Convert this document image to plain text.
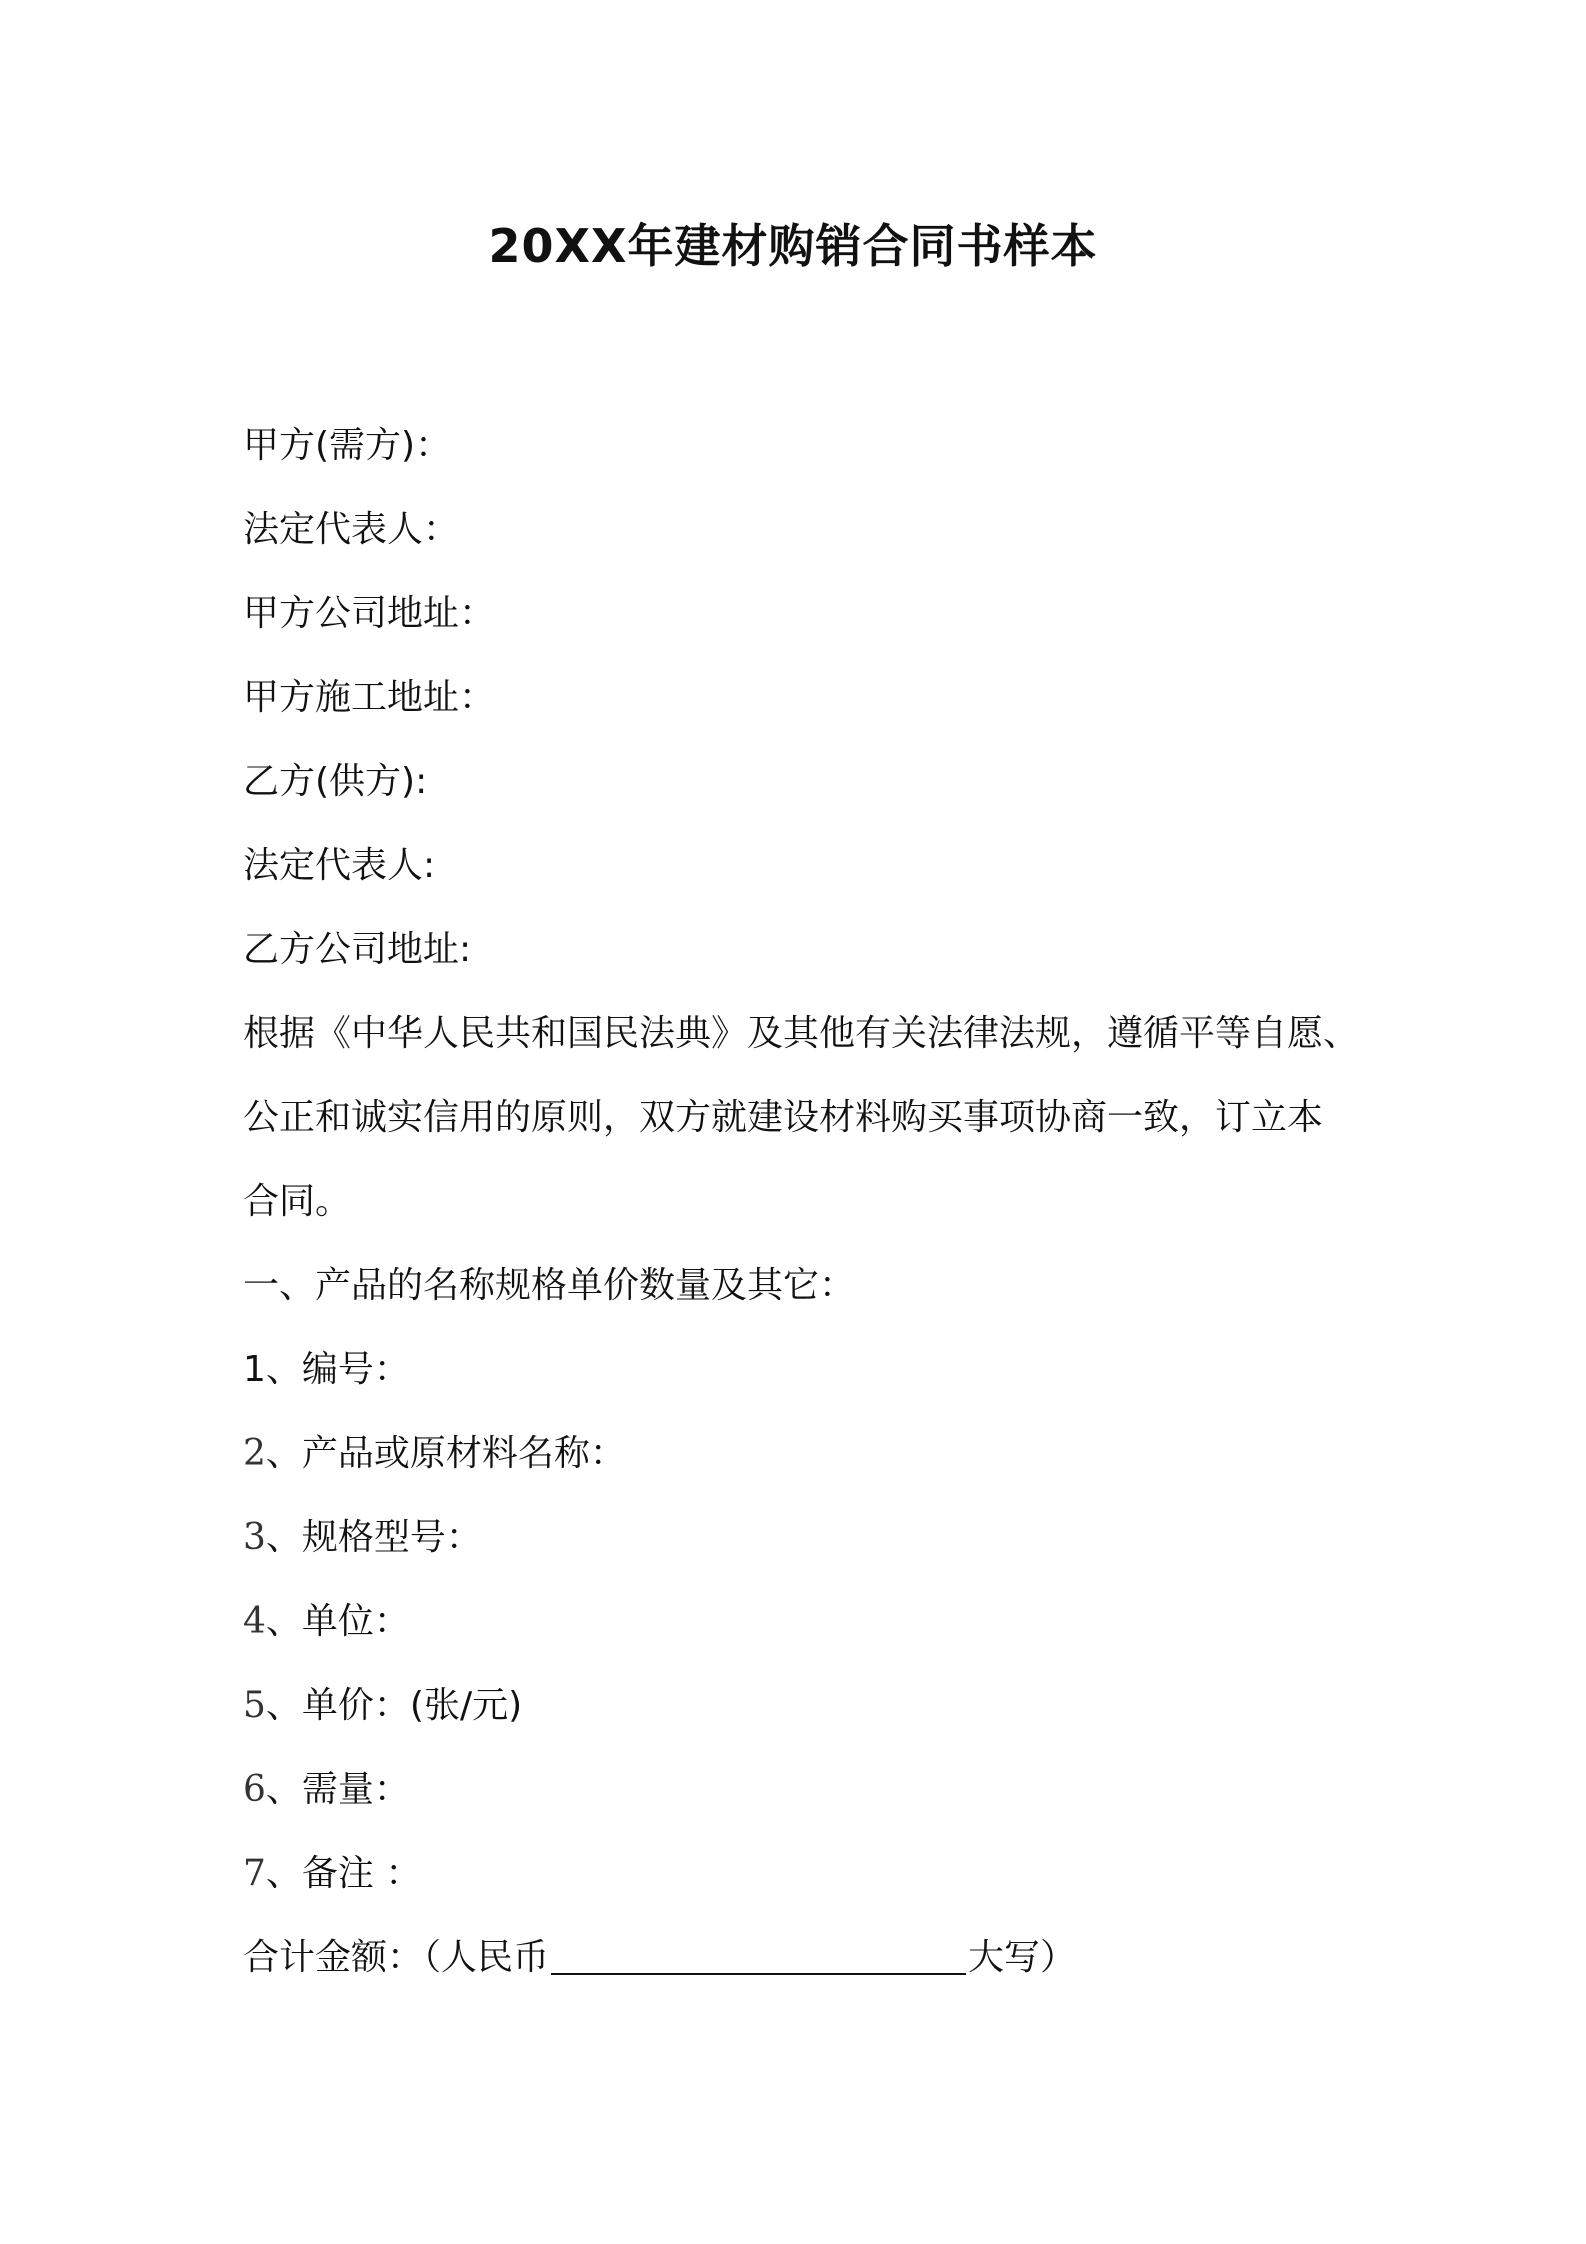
20XX年建材购销合同书样本

甲方(需方)：

法定代表人：

甲方公司地址：

甲方施工地址：

乙方(供方):

法定代表人:

乙方公司地址:

根据《中华人民共和国民法典》及其他有关法律法规，遵循平等自愿、

公正和诚实信用的原则，双方就建设材料购买事项协商一致，订立本

合同。

一、产品的名称规格单价数量及其它：

1、编号：

2、产品或原材料名称：

3、规格型号：

4、单位：

5、单价：(张/元)

6、需量：

7、备注 ：

合计金额：（人民币	大写）
